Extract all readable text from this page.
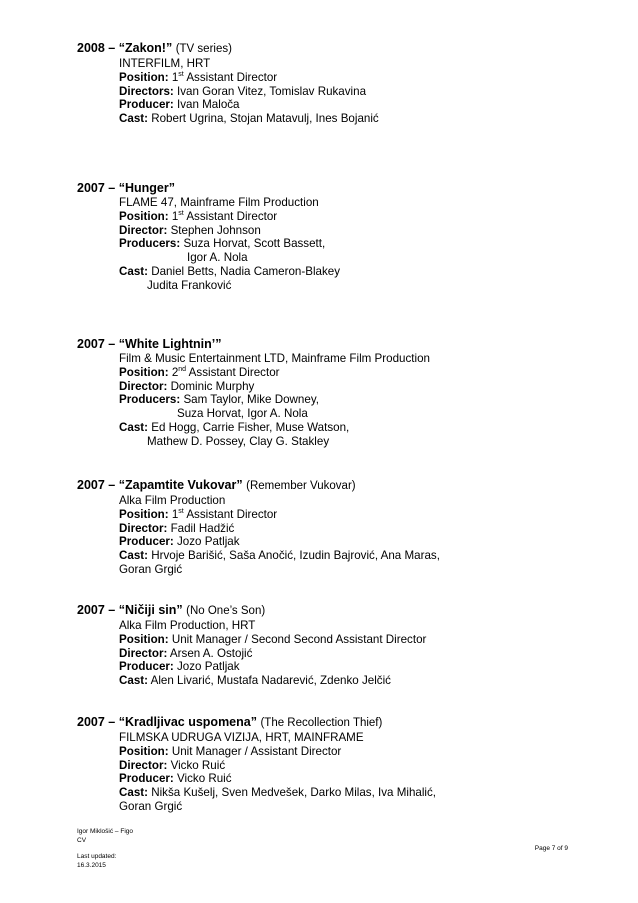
2008 – “Zakon!” (TV series)
INTERFILM, HRT
Position: 1st Assistant Director
Directors: Ivan Goran Vitez, Tomislav Rukavina
Producer: Ivan Maloča
Cast: Robert Ugrina, Stojan Matavulj, Ines Bojanić
2007 – “Hunger”
FLAME 47, Mainframe Film Production
Position: 1st Assistant Director
Director: Stephen Johnson
Producers: Suza Horvat, Scott Bassett,
Igor A. Nola
Cast: Daniel Betts, Nadia Cameron-Blakey
Judita Franković
2007 – “White Lightnin’”
Film & Music Entertainment LTD, Mainframe Film Production
Position: 2nd Assistant Director
Director: Dominic Murphy
Producers: Sam Taylor, Mike Downey,
Suza Horvat, Igor A. Nola
Cast: Ed Hogg, Carrie Fisher, Muse Watson,
Mathew D. Possey, Clay G. Stakley
2007 – “Zapamtite Vukovar” (Remember Vukovar)
Alka Film Production
Position: 1st Assistant Director
Director: Fadil Hadžić
Producer: Jozo Patljak
Cast: Hrvoje Barišić, Saša Anočić, Izudin Bajrović, Ana Maras,
Goran Grgić
2007 – “Ničiji sin” (No One’s Son)
Alka Film Production, HRT
Position: Unit Manager / Second Second Assistant Director
Director: Arsen A. Ostojić
Producer: Jozo Patljak
Cast: Alen Livarić, Mustafa Nadarević, Zdenko Jelčić
2007 – “Kradljivac uspomena” (The Recollection Thief)
FILMSKA UDRUGA VIZIJA, HRT, MAINFRAME
Position: Unit Manager / Assistant Director
Director: Vicko Ruić
Producer: Vicko Ruić
Cast: Nikša Kušelj, Sven Medvešek, Darko Milas, Iva Mihalić,
Goran Grgić
Igor Miklošić – Figo
CV
Last updated:
16.3.2015
Page 7 of 9
